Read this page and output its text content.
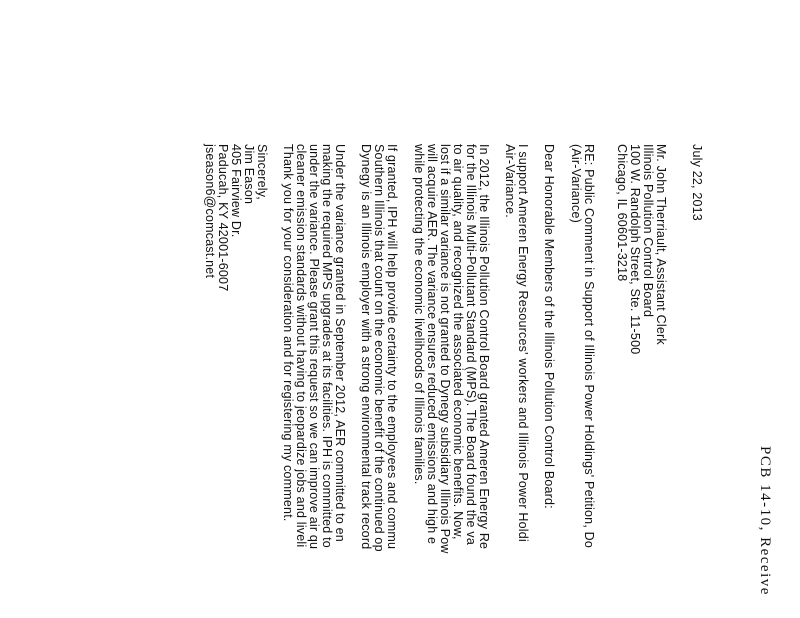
PCB 14-10, Receive
July 22, 2013
Mr. John Therriault, Assistant Clerk
Illinois Pollution Control Board
100 W. Randolph Street, Ste. 11-500
Chicago, IL 60601-3218
RE: Public Comment in Support of Illinois Power Holdings' Petition, Do
(Air-Variance)
Dear Honorable Members of the Illinois Pollution Control Board:
I support Ameren Energy Resources' workers and Illinois Power Holdi
Air-Variance.
In 2012, the Illinois Pollution Control Board granted Ameren Energy Re
for the Illinois Multi-Pollutant Standard (MPS). The Board found the va
to air quality, and recognized the associated economic benefits. Now,
lost if a similar variance is not granted to Dynegy subsidiary Illinois Pow
will acquire AER. The variance ensures reduced emissions and high e
while protecting the economic livelihoods of Illinois families.
If granted, IPH will help provide certainty to the employees and commu
Southern Illinois that count on the economic benefit of the continued op
Dynegy is an Illinois employer with a strong environmental track record
Under the variance granted in September 2012, AER committed to en
making the required MPS upgrades at its facilities. IPH is committed to
under the variance. Please grant this request so we can improve air qu
cleaner emission standards without having to jeopardize jobs and liveli
Thank you for your consideration and for registering my comment.
Sincerely,
Jim Eason
405 Fairview Dr.
Paducah, KY 42001-6007
jseason6@comcast.net
